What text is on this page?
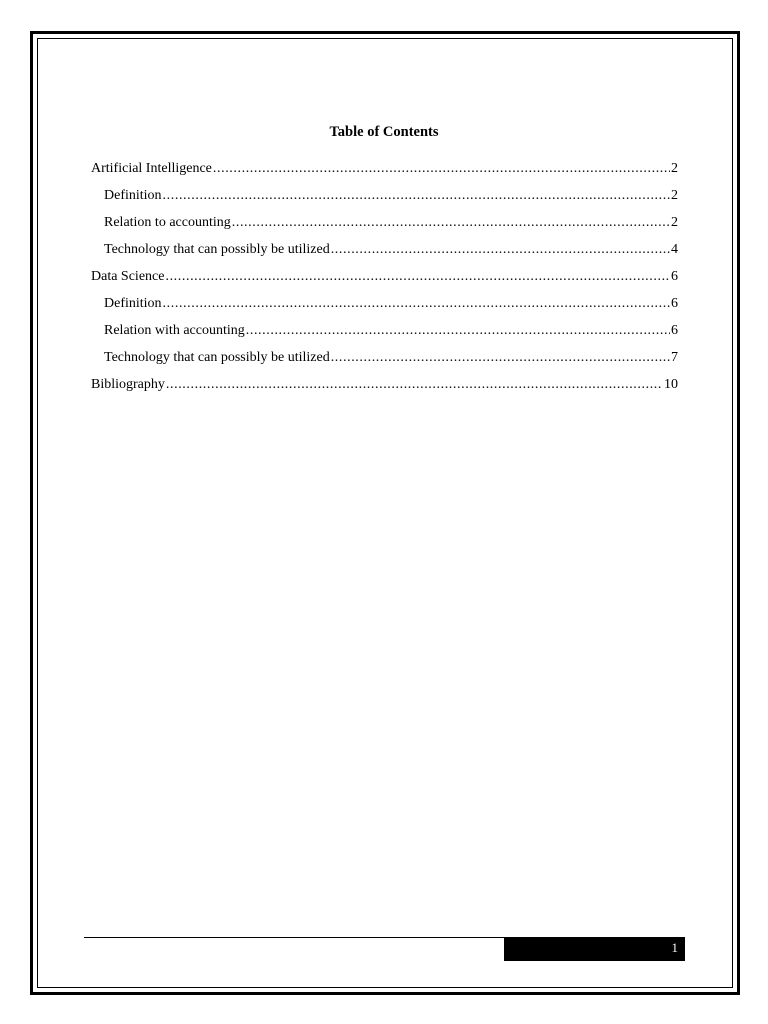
Table of Contents
Artificial Intelligence .....	2
Definition .....	2
Relation to accounting .....	2
Technology that can possibly be utilized .....	4
Data Science .....	6
Definition .....	6
Relation with accounting .....	6
Technology that can possibly be utilized .....	7
Bibliography .....	10
1
